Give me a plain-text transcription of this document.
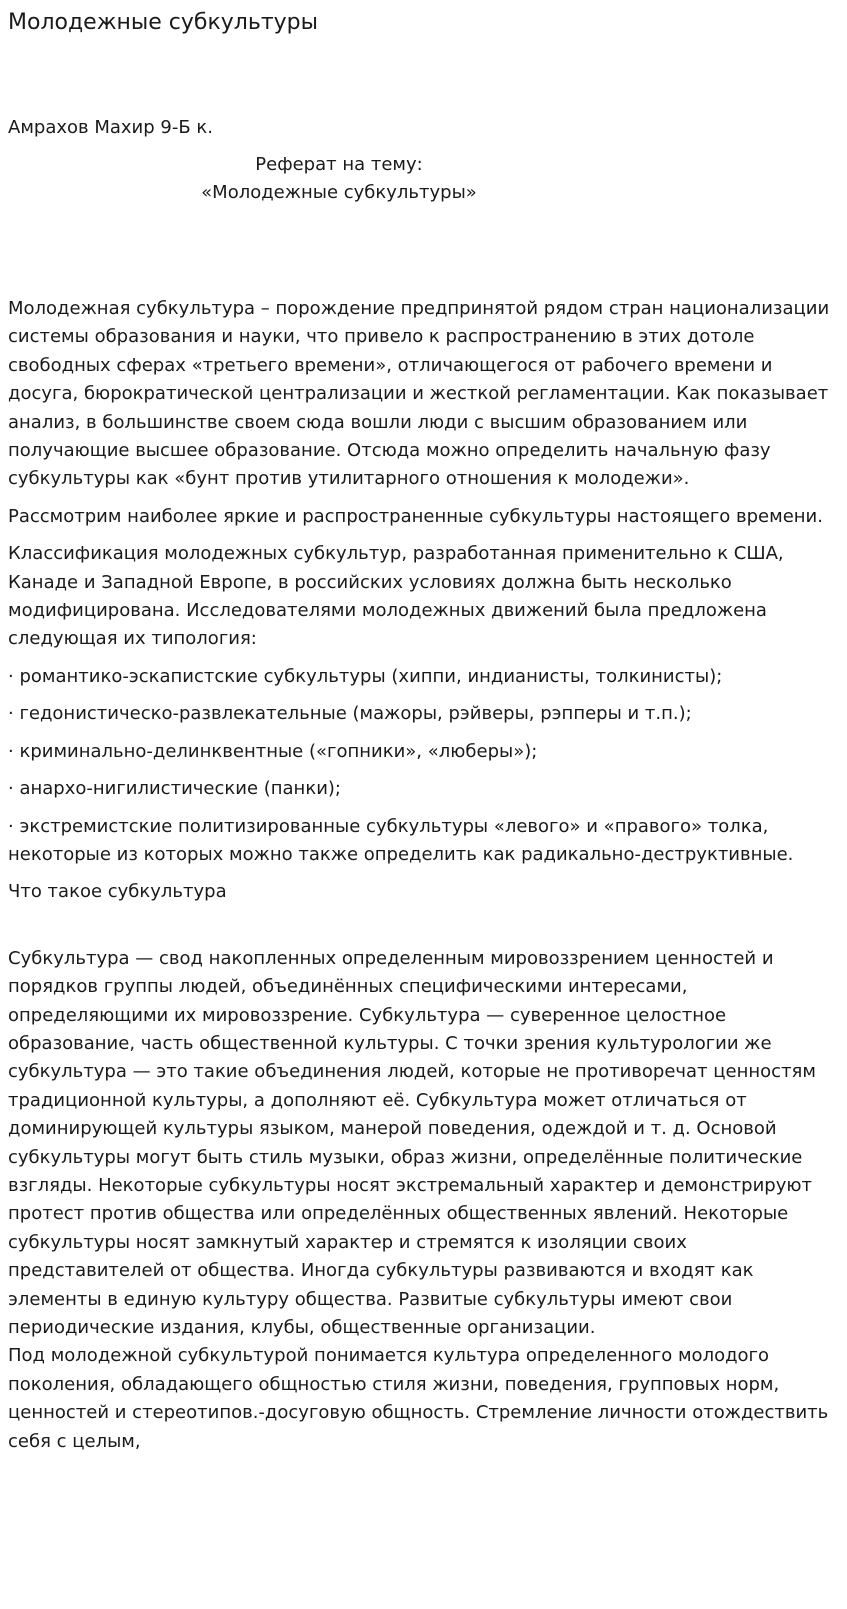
Молодежные субкультуры
Амрахов Махир 9-Б к.
Реферат на тему:
«Молодежные субкультуры»

Молодежная субкультура – порождение предпринятой рядом стран национализации системы образования и науки, что привело к распространению в этих дотоле свободных сферах «третьего времени», отличающегося от рабочего времени и досуга, бюрократической централизации и жесткой регламентации. Как показывает анализ, в большинстве своем сюда вошли люди с высшим образованием или получающие высшее образование. Отсюда можно определить начальную фазу субкультуры как «бунт против утилитарного отношения к молодежи».

Рассмотрим наиболее яркие и распространенные субкультуры настоящего времени.

Классификация молодежных субкультур, разработанная применительно к США, Канаде и Западной Европе, в российских условиях должна быть несколько модифицирована. Исследователями молодежных движений была предложена следующая их типология:

· романтико-эскапистские субкультуры (хиппи, индианисты, толкинисты);

· гедонистическо-развлекательные (мажоры, рэйверы, рэпперы и т.п.);

· криминально-делинквентные («гопники», «люберы»);

· анархо-нигилистические (панки);

· экстремистские политизированные субкультуры «левого» и «правого» толка, некоторые из которых можно также определить как радикально-деструктивные.

Что такое субкультура

Субкультура — свод накопленных определенным мировоззрением ценностей и порядков группы людей, объединённых специфическими интересами, определяющими их мировоззрение. Субкультура — суверенное целостное образование, часть общественной культуры. С точки зрения культурологии же субкультура — это такие объединения людей, которые не противоречат ценностям традиционной культуры, а дополняют её. Субкультура может отличаться от доминирующей культуры языком, манерой поведения, одеждой и т. д. Основой субкультуры могут быть стиль музыки, образ жизни, определённые политические взгляды. Некоторые субкультуры носят экстремальный характер и демонстрируют протест против общества или определённых общественных явлений. Некоторые субкультуры носят замкнутый характер и стремятся к изоляции своих представителей от общества. Иногда субкультуры развиваются и входят как элементы в единую культуру общества. Развитые субкультуры имеют свои периодические издания, клубы, общественные организации.

Под молодежной субкультурой понимается культура определенного молодого поколения, обладающего общностью стиля жизни, поведения, групповых норм, ценностей и стереотипов.-досуговую общность. Стремление личности отождествить себя с целым,
